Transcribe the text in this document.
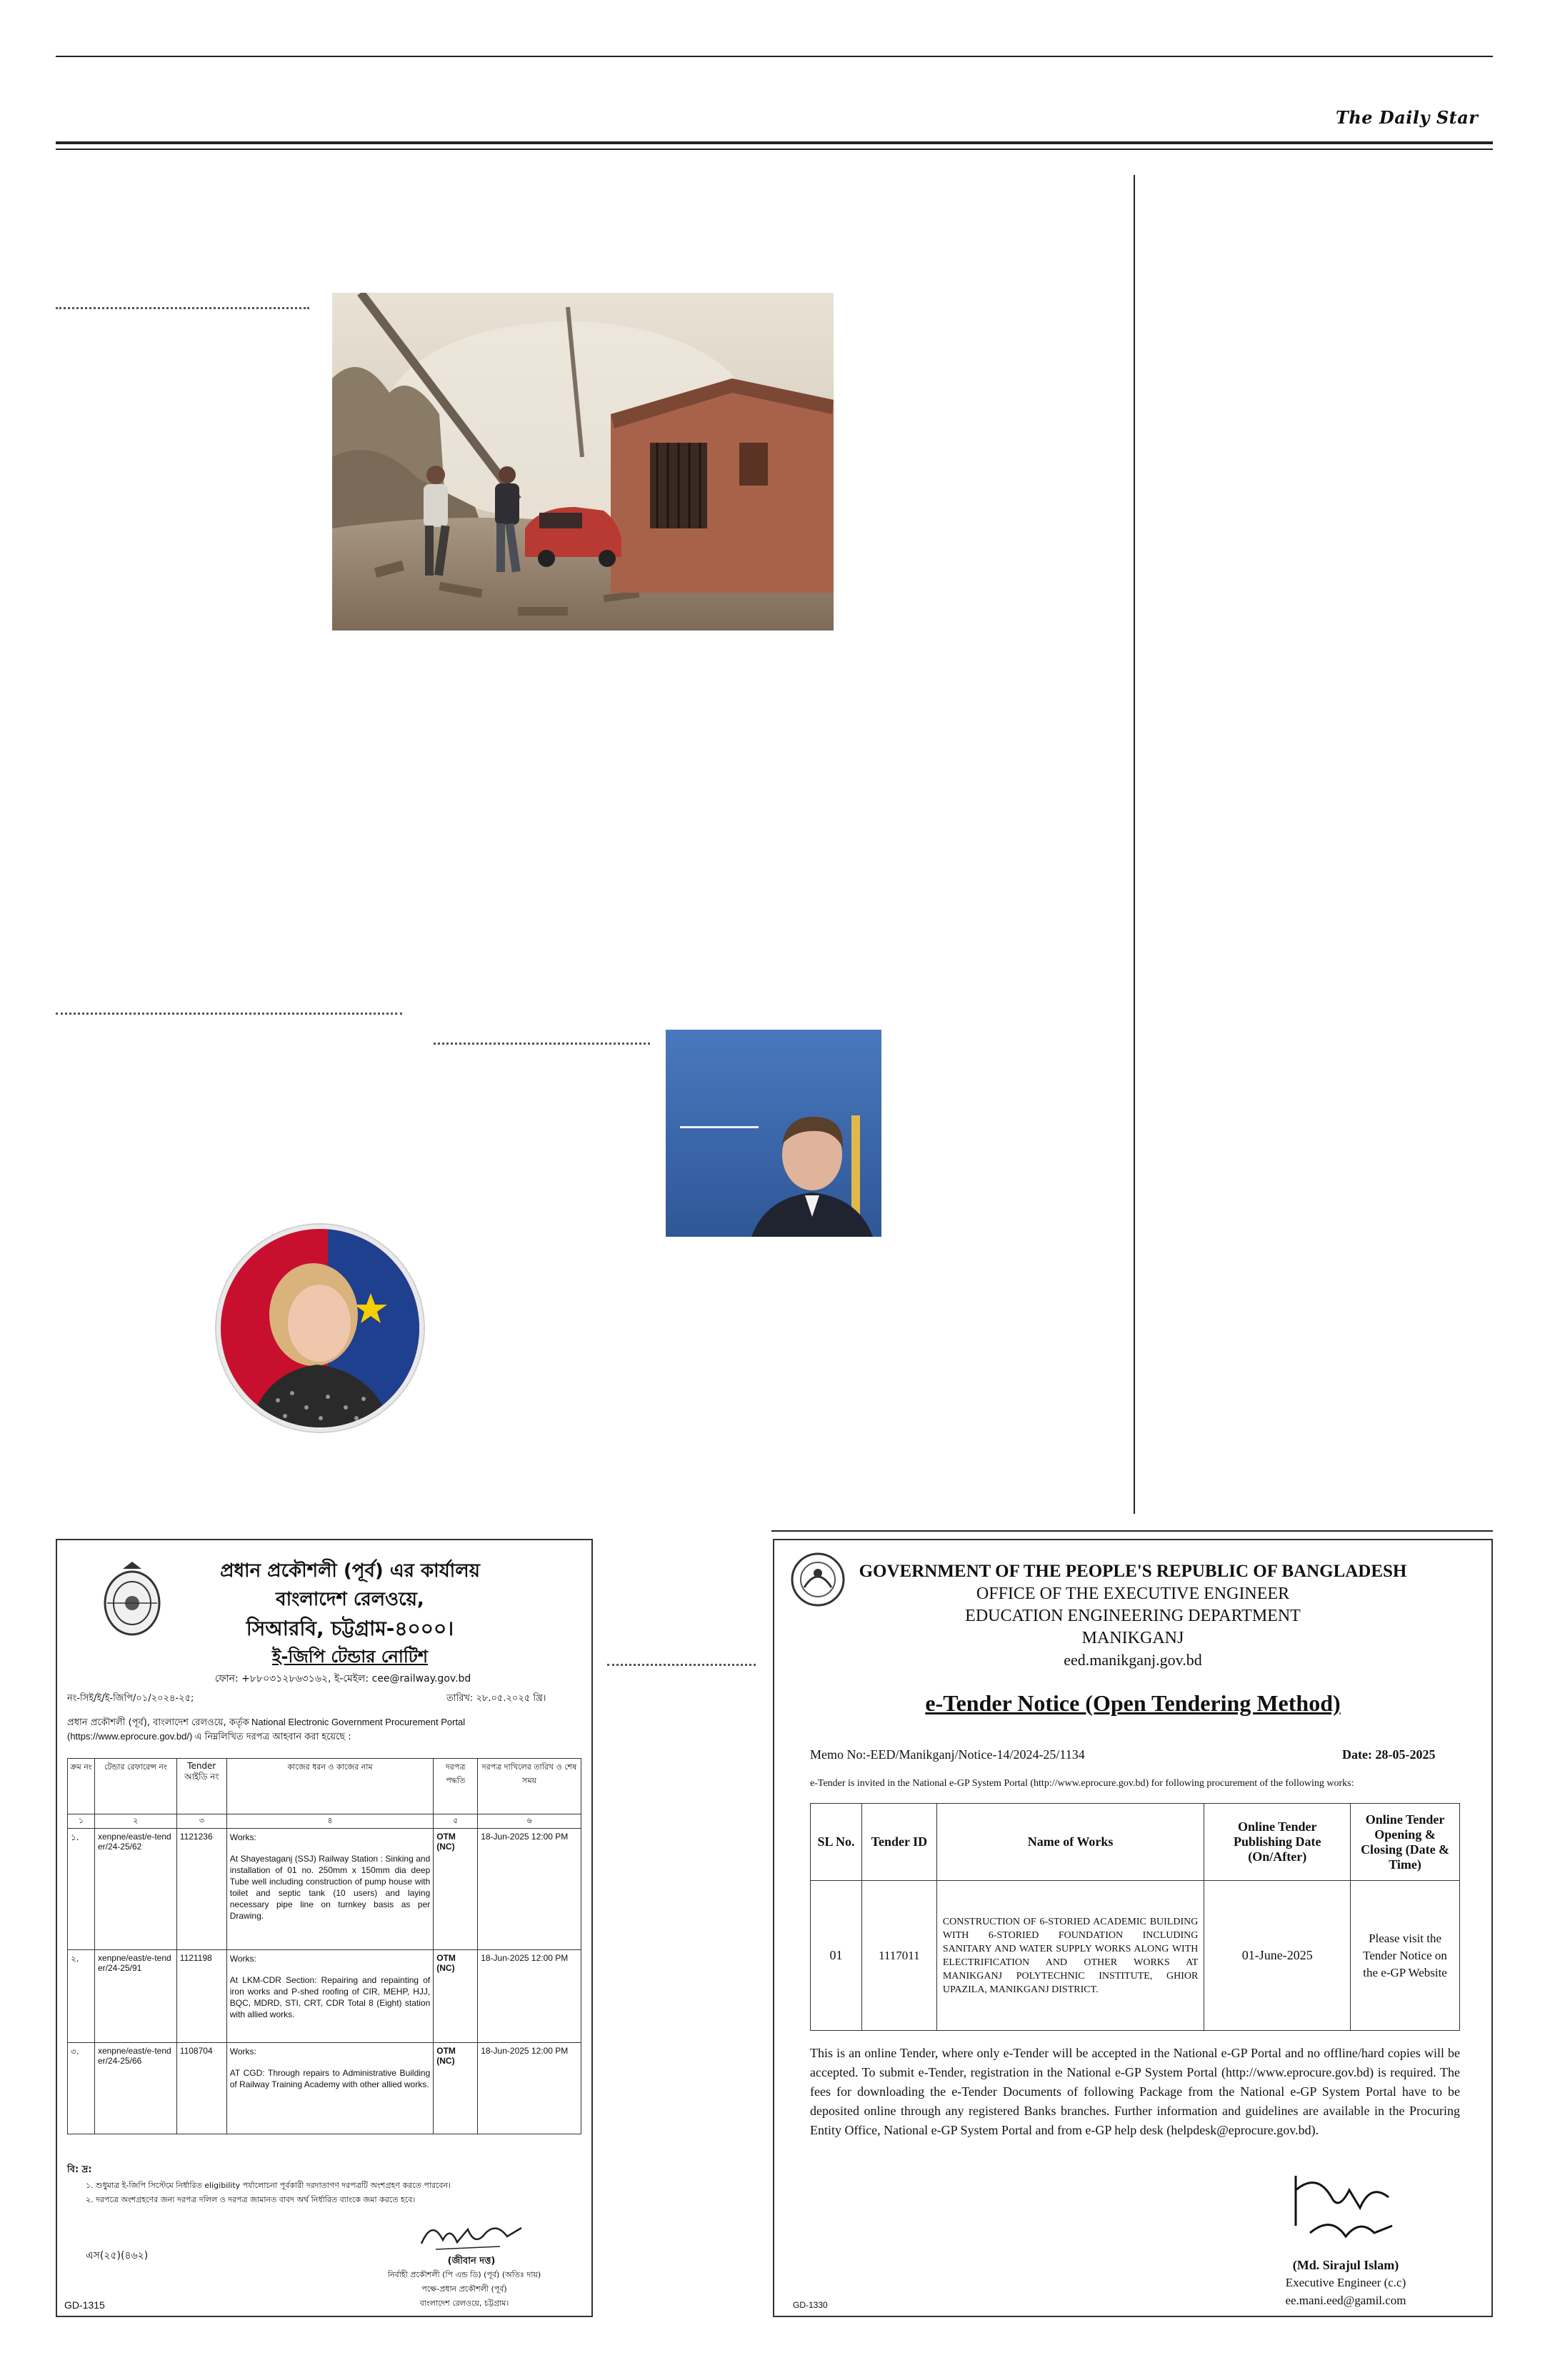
The Daily Star
প্রধান প্রকৌশলী (পূর্ব) এর কার্যালয়
বাংলাদেশ রেলওয়ে,
সিআরবি, চট্টগ্রাম-৪০০০।
ই-জিপি টেন্ডার নোটিশ
ফোন: +৮৮০৩১২৮৬৩১৬২, ই-মেইল: cee@railway.gov.bd
নং-সিই/ই/ই-জিপি/০১/২০২৪-২৫;	তারিখ: ২৮.০৫.২০২৫ খ্রি।
প্রধান প্রকৌশলী (পূর্ব), বাংলাদেশ রেলওয়ে, কর্তৃক National Electronic Government Procurement Portal
(https://www.eprocure.gov.bd/) এ নিম্নলিখিত দরপত্র আহবান করা হয়েছে :
ক্রম নং	টেন্ডার রেফারেন্স নং	Tender আইডি নং	কাজের ধরন ও কাজের নাম	দরপত্র পদ্ধতি	দরপত্র দাখিলের তারিখ ও শেষ সময়
১	২	৩	৪	৫	৬
১.	xenpne/east/e-tender/24-25/62	1121236	Works:
At Shayestaganj (SSJ) Railway Station : Sinking and installation of 01 no. 250mm x 150mm dia deep Tube well including construction of pump house with toilet and septic tank (10 users) and laying necessary pipe line on turnkey basis as per Drawing.	OTM (NC)	18-Jun-2025 12:00 PM
২.	xenpne/east/e-tender/24-25/91	1121198	Works:
At LKM-CDR Section: Repairing and repainting of iron works and P-shed roofing of CIR, MEHP, HJJ, BQC, MDRD, STI, CRT, CDR Total 8 (Eight) station with allied works.	OTM (NC)	18-Jun-2025 12:00 PM
৩.	xenpne/east/e-tender/24-25/66	1108704	Works:
AT CGD: Through repairs to Administrative Building of Railway Training Academy with other allied works.	OTM (NC)	18-Jun-2025 12:00 PM
বি: দ্র:
১. শুধুমাত্র ই-জিপি সিস্টেমে নির্ধারিত eligibility পর্যালোচনা পূর্বকারী দরদাতাগণ দরপত্রটি অংশগ্রহণ করতে পারবেন।
২. দরপত্রে অংশগ্রহণের জন্য দরপত্র দলিল ও দরপত্র জামানত বাবদ অর্থ নির্ধারিত ব্যাংকে জমা করতে হবে।
এস(২৫)(৪৬২)	(জীবান দত্ত)
নির্বাহী প্রকৌশলী (পি এন্ড ডি) (পূর্ব) (অতিঃ দায়)
পক্ষে-প্রধান প্রকৌশলী (পূর্ব)
বাংলাদেশ রেলওয়ে, চট্টগ্রাম।
GD-1315
GOVERNMENT OF THE PEOPLE'S REPUBLIC OF BANGLADESH
OFFICE OF THE EXECUTIVE ENGINEER
EDUCATION ENGINEERING DEPARTMENT
MANIKGANJ
eed.manikganj.gov.bd
e-Tender Notice (Open Tendering Method)
Memo No:-EED/Manikganj/Notice-14/2024-25/1134	Date: 28-05-2025
e-Tender is invited in the National e-GP System Portal (http://www.eprocure.gov.bd) for following procurement of the following works:
SL No.	Tender ID	Name of Works	Online Tender Publishing Date (On/After)	Online Tender Opening & Closing (Date & Time)
01	1117011	CONSTRUCTION OF 6-STORIED ACADEMIC BUILDING WITH 6-STORIED FOUNDATION INCLUDING SANITARY AND WATER SUPPLY WORKS ALONG WITH ELECTRIFICATION AND OTHER WORKS AT MANIKGANJ POLYTECHNIC INSTITUTE, GHIOR UPAZILA, MANIKGANJ DISTRICT.	01-June-2025	Please visit the Tender Notice on the e-GP Website
This is an online Tender, where only e-Tender will be accepted in the National e-GP Portal and no offline/hard copies will be accepted. To submit e-Tender, registration in the National e-GP System Portal (http://www.eprocure.gov.bd) is required. The fees for downloading the e-Tender Documents of following Package from the National e-GP System Portal have to be deposited online through any registered Banks branches. Further information and guidelines are available in the Procuring Entity Office, National e-GP System Portal and from e-GP help desk (helpdesk@eprocure.gov.bd).
(Md. Sirajul Islam)
Executive Engineer (c.c)
ee.mani.eed@gamil.com
GD-1330
